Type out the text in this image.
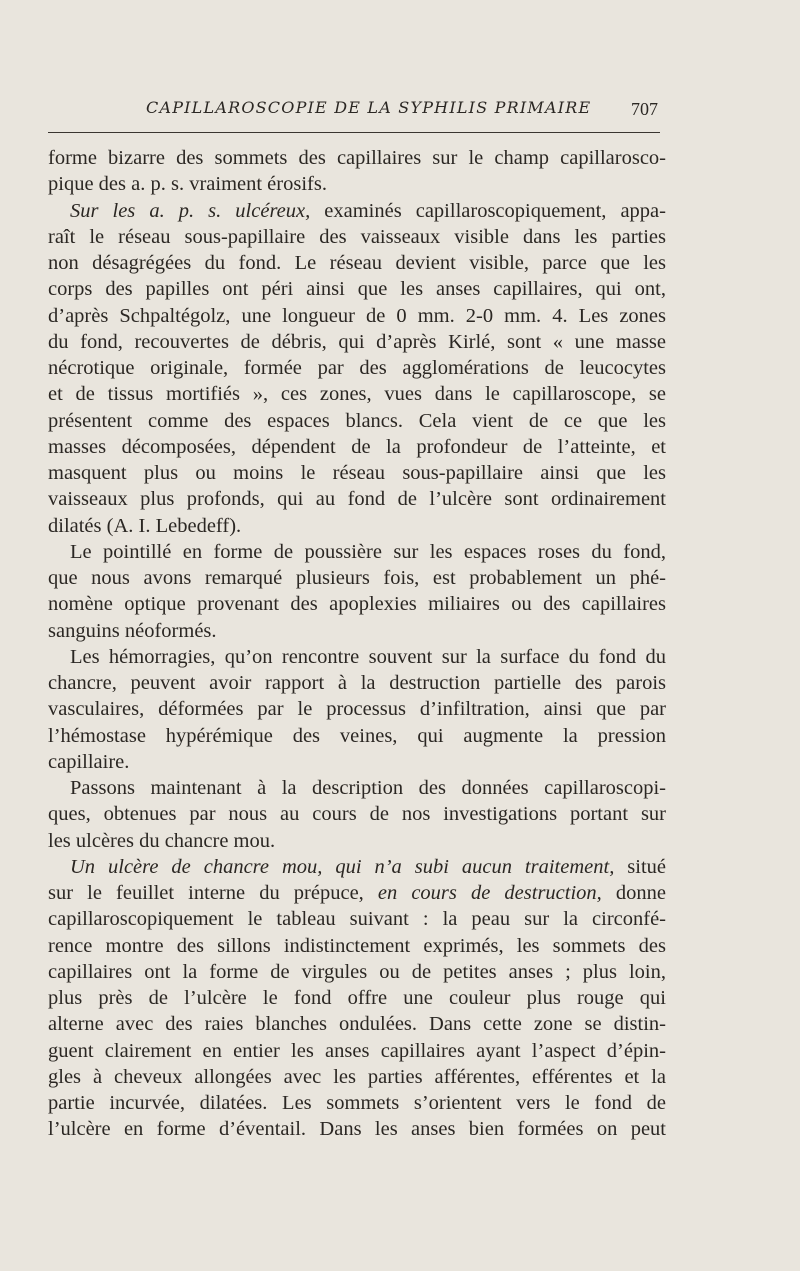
CAPILLAROSCOPIE DE LA SYPHILIS PRIMAIRE 707
forme bizarre des sommets des capillaires sur le champ capillarosco-
pique des a. p. s. vraiment érosifs.
Sur les a. p. s. ulcéreux, examinés capillaroscopiquement, appa-
raît le réseau sous-papillaire des vaisseaux visible dans les parties
non désagrégées du fond. Le réseau devient visible, parce que les
corps des papilles ont péri ainsi que les anses capillaires, qui ont,
d’après Schpaltégolz, une longueur de 0 mm. 2-0 mm. 4. Les zones
du fond, recouvertes de débris, qui d’après Kirlé, sont « une masse
nécrotique originale, formée par des agglomérations de leucocytes
et de tissus mortifiés », ces zones, vues dans le capillaroscope, se
présentent comme des espaces blancs. Cela vient de ce que les
masses décomposées, dépendent de la profondeur de l’atteinte, et
masquent plus ou moins le réseau sous-papillaire ainsi que les
vaisseaux plus profonds, qui au fond de l’ulcère sont ordinairement
dilatés (A. I. Lebedeff).
Le pointillé en forme de poussière sur les espaces roses du fond,
que nous avons remarqué plusieurs fois, est probablement un phé-
nomène optique provenant des apoplexies miliaires ou des capillaires
sanguins néoformés.
Les hémorragies, qu’on rencontre souvent sur la surface du fond du
chancre, peuvent avoir rapport à la destruction partielle des parois
vasculaires, déformées par le processus d’infiltration, ainsi que par
l’hémostase hypérémique des veines, qui augmente la pression
capillaire.
Passons maintenant à la description des données capillaroscopi-
ques, obtenues par nous au cours de nos investigations portant sur
les ulcères du chancre mou.
Un ulcère de chancre mou, qui n’a subi aucun traitement, situé
sur le feuillet interne du prépuce, en cours de destruction, donne
capillaroscopiquement le tableau suivant : la peau sur la circonfé-
rence montre des sillons indistinctement exprimés, les sommets des
capillaires ont la forme de virgules ou de petites anses ; plus loin,
plus près de l’ulcère le fond offre une couleur plus rouge qui
alterne avec des raies blanches ondulées. Dans cette zone se distin-
guent clairement en entier les anses capillaires ayant l’aspect d’épin-
gles à cheveux allongées avec les parties afférentes, efférentes et la
partie incurvée, dilatées. Les sommets s’orientent vers le fond de
l’ulcère en forme d’éventail. Dans les anses bien formées on peut
